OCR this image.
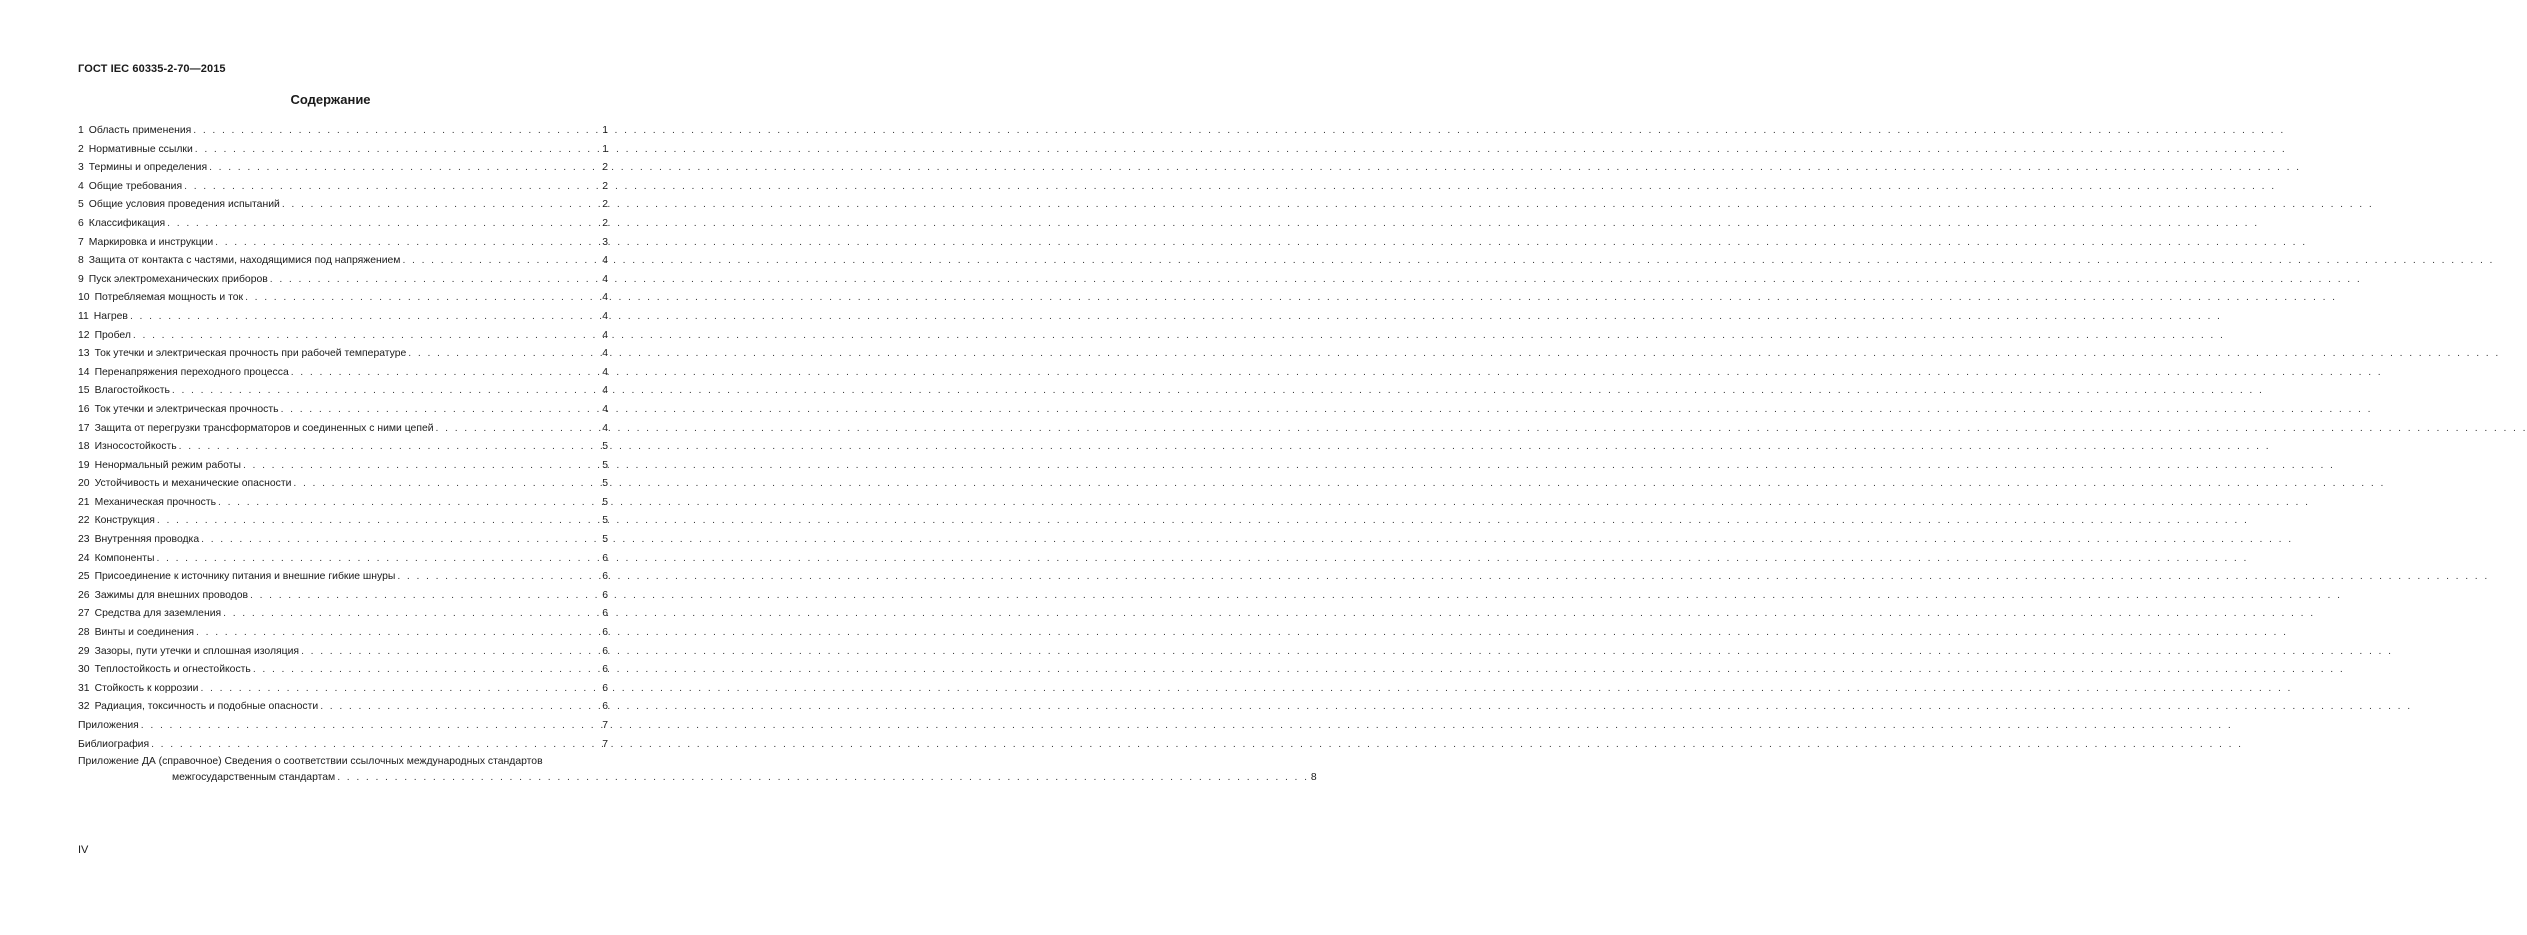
ГОСТ IEC 60335-2-70—2015
Содержание
1 Область применения . . .	1
2 Нормативные ссылки . . .	1
3 Термины и определения . . .	2
4 Общие требования . . .	2
5 Общие условия проведения испытаний . . .	2
6 Классификация . . .	2
7 Маркировка и инструкции . . .	3
8 Защита от контакта с частями, находящимися под напряжением . . .	4
9 Пуск электромеханических приборов . . .	4
10 Потребляемая мощность и ток . . .	4
11 Нагрев . . .	4
12 Пробел . . .	4
13 Ток утечки и электрическая прочность при рабочей температуре . . .	4
14 Перенапряжения переходного процесса . . .	4
15 Влагостойкость . . .	4
16 Ток утечки и электрическая прочность . . .	4
17 Защита от перегрузки трансформаторов и соединенных с ними цепей . . .	4
18 Износостойкость . . .	5
19 Ненормальный режим работы . . .	5
20 Устойчивость и механические опасности . . .	5
21 Механическая прочность . . .	5
22 Конструкция . . .	5
23 Внутренняя проводка . . .	5
24 Компоненты . . .	6
25 Присоединение к источнику питания и внешние гибкие шнуры . . .	6
26 Зажимы для внешних проводов . . .	6
27 Средства для заземления . . .	6
28 Винты и соединения . . .	6
29 Зазоры, пути утечки и сплошная изоляция . . .	6
30 Теплостойкость и огнестойкость . . .	6
31 Стойкость к коррозии . . .	6
32 Радиация, токсичность и подобные опасности . . .	6
Приложения . . .	7
Библиография . . .	7
Приложение ДА (справочное) Сведения о соответствии ссылочных международных стандартов
межгосударственным стандартам . . .	8
IV
